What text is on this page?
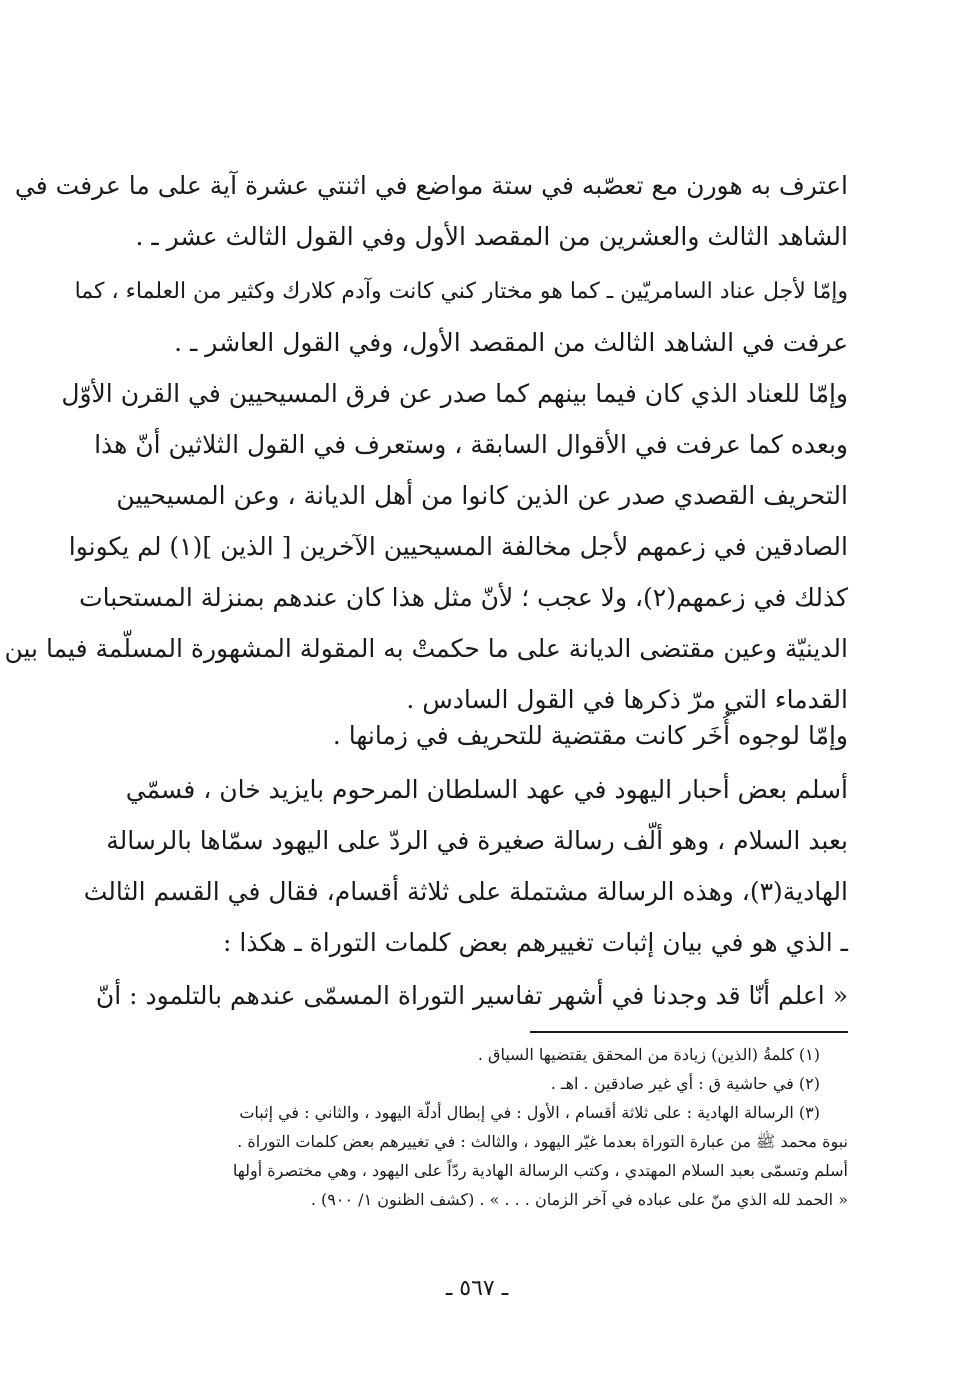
اعترف به هورن مع تعصّبه في ستة مواضع في اثنتي عشرة آية على ما عرفت في
الشاهد الثالث والعشرين من المقصد الأول وفي القول الثالث عشر ـ .
وإمّا لأجل عناد السامريّين ـ كما هو مختار كني كانت وآدم كلارك وكثير من العلماء ، كما
عرفت في الشاهد الثالث من المقصد الأول، وفي القول العاشر ـ .
وإمّا للعناد الذي كان فيما بينهم كما صدر عن فرق المسيحيين في القرن الأوّل
وبعده كما عرفت في الأقوال السابقة ، وستعرف في القول الثلاثين أنّ هذا
التحريف القصدي صدر عن الذين كانوا من أهل الديانة ، وعن المسيحيين
الصادقين في زعمهم لأجل مخالفة المسيحيين الآخرين [ الذين ](١) لم يكونوا
كذلك في زعمهم(٢)، ولا عجب ؛ لأنّ مثل هذا كان عندهم بمنزلة المستحبات
الدينيّة وعين مقتضى الديانة على ما حكمتْ به المقولة المشهورة المسلّمة فيما بين
القدماء التي مرّ ذكرها في القول السادس .
وإمّا لوجوه أُخَر كانت مقتضية للتحريف في زمانها .
أسلم بعض أحبار اليهود في عهد السلطان المرحوم بايزيد خان ، فسمّي
بعبد السلام ، وهو ألّف رسالة صغيرة في الردّ على اليهود سمّاها بالرسالة
الهادية(٣)، وهذه الرسالة مشتملة على ثلاثة أقسام، فقال في القسم الثالث
ـ الذي هو في بيان إثبات تغييرهم بعض كلمات التوراة ـ هكذا :
« اعلم أنّا قد وجدنا في أشهر تفاسير التوراة المسمّى عندهم بالتلمود : أنّ
(١) كلمةُ (الذين) زيادة من المحقق يقتضيها السياق .
(٢) في حاشية ق : أي غير صادقين . اهـ .
(٣) الرسالة الهادية : على ثلاثة أقسام ، الأول : في إبطال أدلّة اليهود ، والثاني : في إثبات
نبوة محمد ﷺ من عبارة التوراة بعدما غيّر اليهود ، والثالث : في تغييرهم بعض كلمات التوراة .
أسلم وتسمّى بعبد السلام المهتدي ، وكتب الرسالة الهادية ردّاً على اليهود ، وهي مختصرة أولها
« الحمد لله الذي منّ على عباده في آخر الزمان . . . » . (كشف الظنون ١/ ٩٠٠) .
ـ ٥٦٧ ـ
